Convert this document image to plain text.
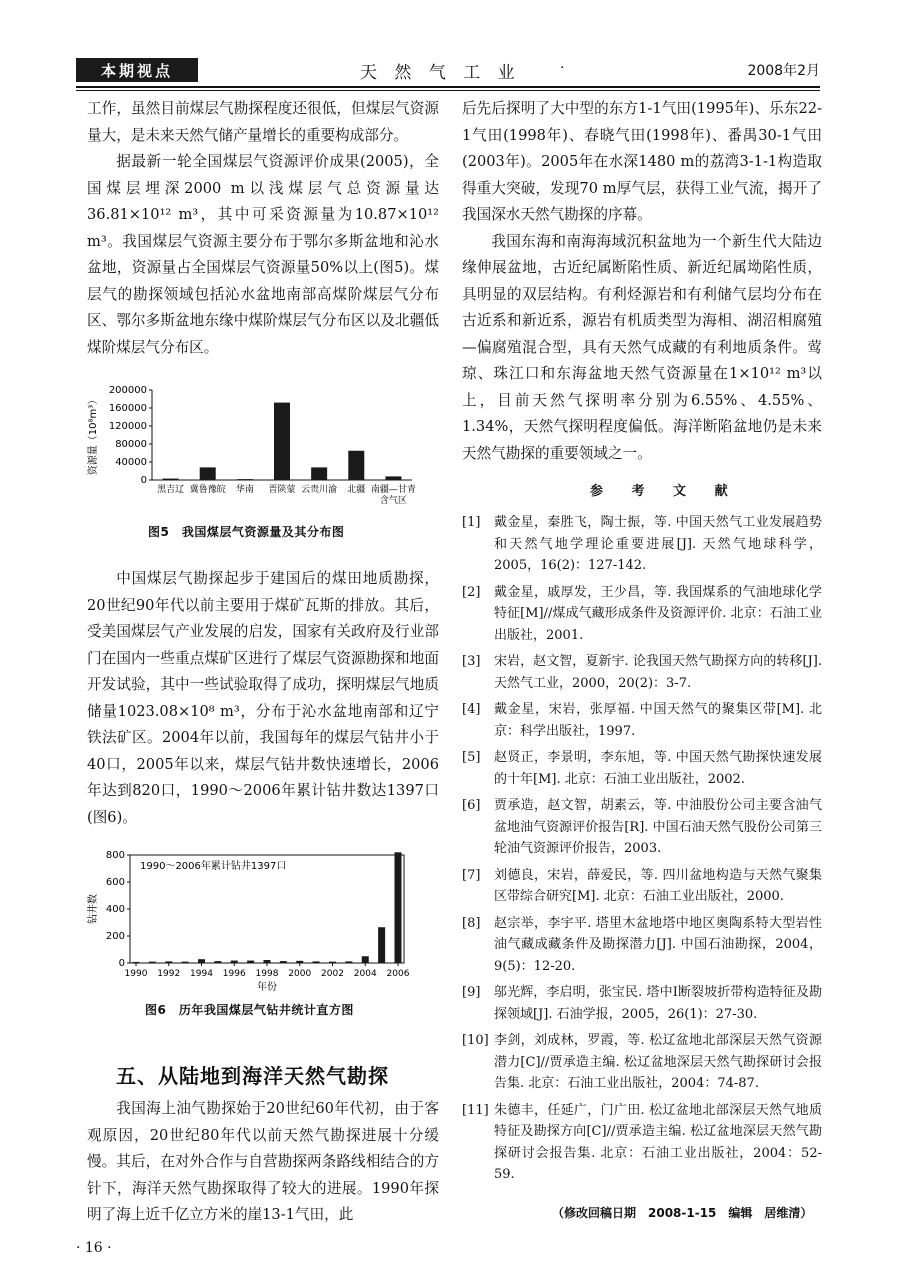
本期视点	天 然 气 工 业	·	2008年2月

工作，虽然目前煤层气勘探程度还很低，但煤层气资源量大，是未来天然气储产量增长的重要构成部分。

据最新一轮全国煤层气资源评价成果(2005)，全国煤层埋深2000 m以浅煤层气总资源量达36.81×10¹² m³，其中可采资源量为10.87×10¹² m³。我国煤层气资源主要分布于鄂尔多斯盆地和沁水盆地，资源量占全国煤层气资源量50%以上(图5)。煤层气的勘探领域包括沁水盆地南部高煤阶煤层气分布区、鄂尔多斯盆地东缘中煤阶煤层气分布区以及北疆低煤阶煤层气分布区。

0
40000
80000
120000
160000
200000
资源量（10⁸m³）
黑吉辽 冀鲁豫皖 华南 晋陕蒙 云贵川渝 北疆 南疆—甘青
含气区
图5　我国煤层气资源量及其分布图

中国煤层气勘探起步于建国后的煤田地质勘探，20世纪90年代以前主要用于煤矿瓦斯的排放。其后，受美国煤层气产业发展的启发，国家有关政府及行业部门在国内一些重点煤矿区进行了煤层气资源勘探和地面开发试验，其中一些试验取得了成功，探明煤层气地质储量1023.08×10⁸ m³，分布于沁水盆地南部和辽宁铁法矿区。2004年以前，我国每年的煤层气钻井小于40口，2005年以来，煤层气钻井数快速增长，2006年达到820口，1990～2006年累计钻井数达1397口(图6)。

0
200
400
600
800
钻井数
1990～2006年累计钻井1397口
1990 1992 1994 1996 1998 2000 2002 2004 2006
年份
图6　历年我国煤层气钻井统计直方图
五、从陆地到海洋天然气勘探

我国海上油气勘探始于20世纪60年代初，由于客观原因，20世纪80年代以前天然气勘探进展十分缓慢。其后，在对外合作与自营勘探两条路线相结合的方针下，海洋天然气勘探取得了较大的进展。1990年探明了海上近千亿立方米的崖13-1气田，此

后先后探明了大中型的东方1-1气田(1995年)、乐东22-1气田(1998年)、春晓气田(1998年)、番禺30-1气田(2003年)。2005年在水深1480 m的荔湾3-1-1构造取得重大突破，发现70 m厚气层，获得工业气流，揭开了我国深水天然气勘探的序幕。

我国东海和南海海域沉积盆地为一个新生代大陆边缘伸展盆地，古近纪属断陷性质、新近纪属坳陷性质，具明显的双层结构。有利烃源岩和有利储气层均分布在古近系和新近系，源岩有机质类型为海相、湖沼相腐殖—偏腐殖混合型，具有天然气成藏的有利地质条件。莺琼、珠江口和东海盆地天然气资源量在1×10¹² m³以上，目前天然气探明率分别为6.55%、4.55%、1.34%，天然气探明程度偏低。海洋断陷盆地仍是未来天然气勘探的重要领域之一。

参 考 文 献
[1]	戴金星，秦胜飞，陶士振，等. 中国天然气工业发展趋势和天然气地学理论重要进展[J]. 天然气地球科学，2005，16(2)：127-142.
[2]	戴金星，戚厚发，王少昌，等. 我国煤系的气油地球化学特征[M]//煤成气藏形成条件及资源评价. 北京：石油工业出版社，2001.
[3]	宋岩，赵文智，夏新宇. 论我国天然气勘探方向的转移[J]. 天然气工业，2000，20(2)：3-7.
[4]	戴金星，宋岩，张厚福. 中国天然气的聚集区带[M]. 北京：科学出版社，1997.
[5]	赵贤正，李景明，李东旭，等. 中国天然气勘探快速发展的十年[M]. 北京：石油工业出版社，2002.
[6]	贾承造，赵文智，胡素云，等. 中油股份公司主要含油气盆地油气资源评价报告[R]. 中国石油天然气股份公司第三轮油气资源评价报告，2003.
[7]	刘德良，宋岩，薛爱民，等. 四川盆地构造与天然气聚集区带综合研究[M]. 北京：石油工业出版社，2000.
[8]	赵宗举，李宇平. 塔里木盆地塔中地区奥陶系特大型岩性油气藏成藏条件及勘探潜力[J]. 中国石油勘探，2004，9(5)：12-20.
[9]	邬光辉，李启明，张宝民. 塔中Ⅰ断裂坡折带构造特征及勘探领域[J]. 石油学报，2005，26(1)：27-30.
[10] 李剑，刘成林，罗霞，等. 松辽盆地北部深层天然气资源潜力[C]//贾承造主编. 松辽盆地深层天然气勘探研讨会报告集. 北京：石油工业出版社，2004：74-87.
[11] 朱德丰，任延广，门广田. 松辽盆地北部深层天然气地质特征及勘探方向[C]//贾承造主编. 松辽盆地深层天然气勘探研讨会报告集. 北京：石油工业出版社，2004：52-59.
（修改回稿日期　2008-1-15　编辑　居维清）
· 16 ·
